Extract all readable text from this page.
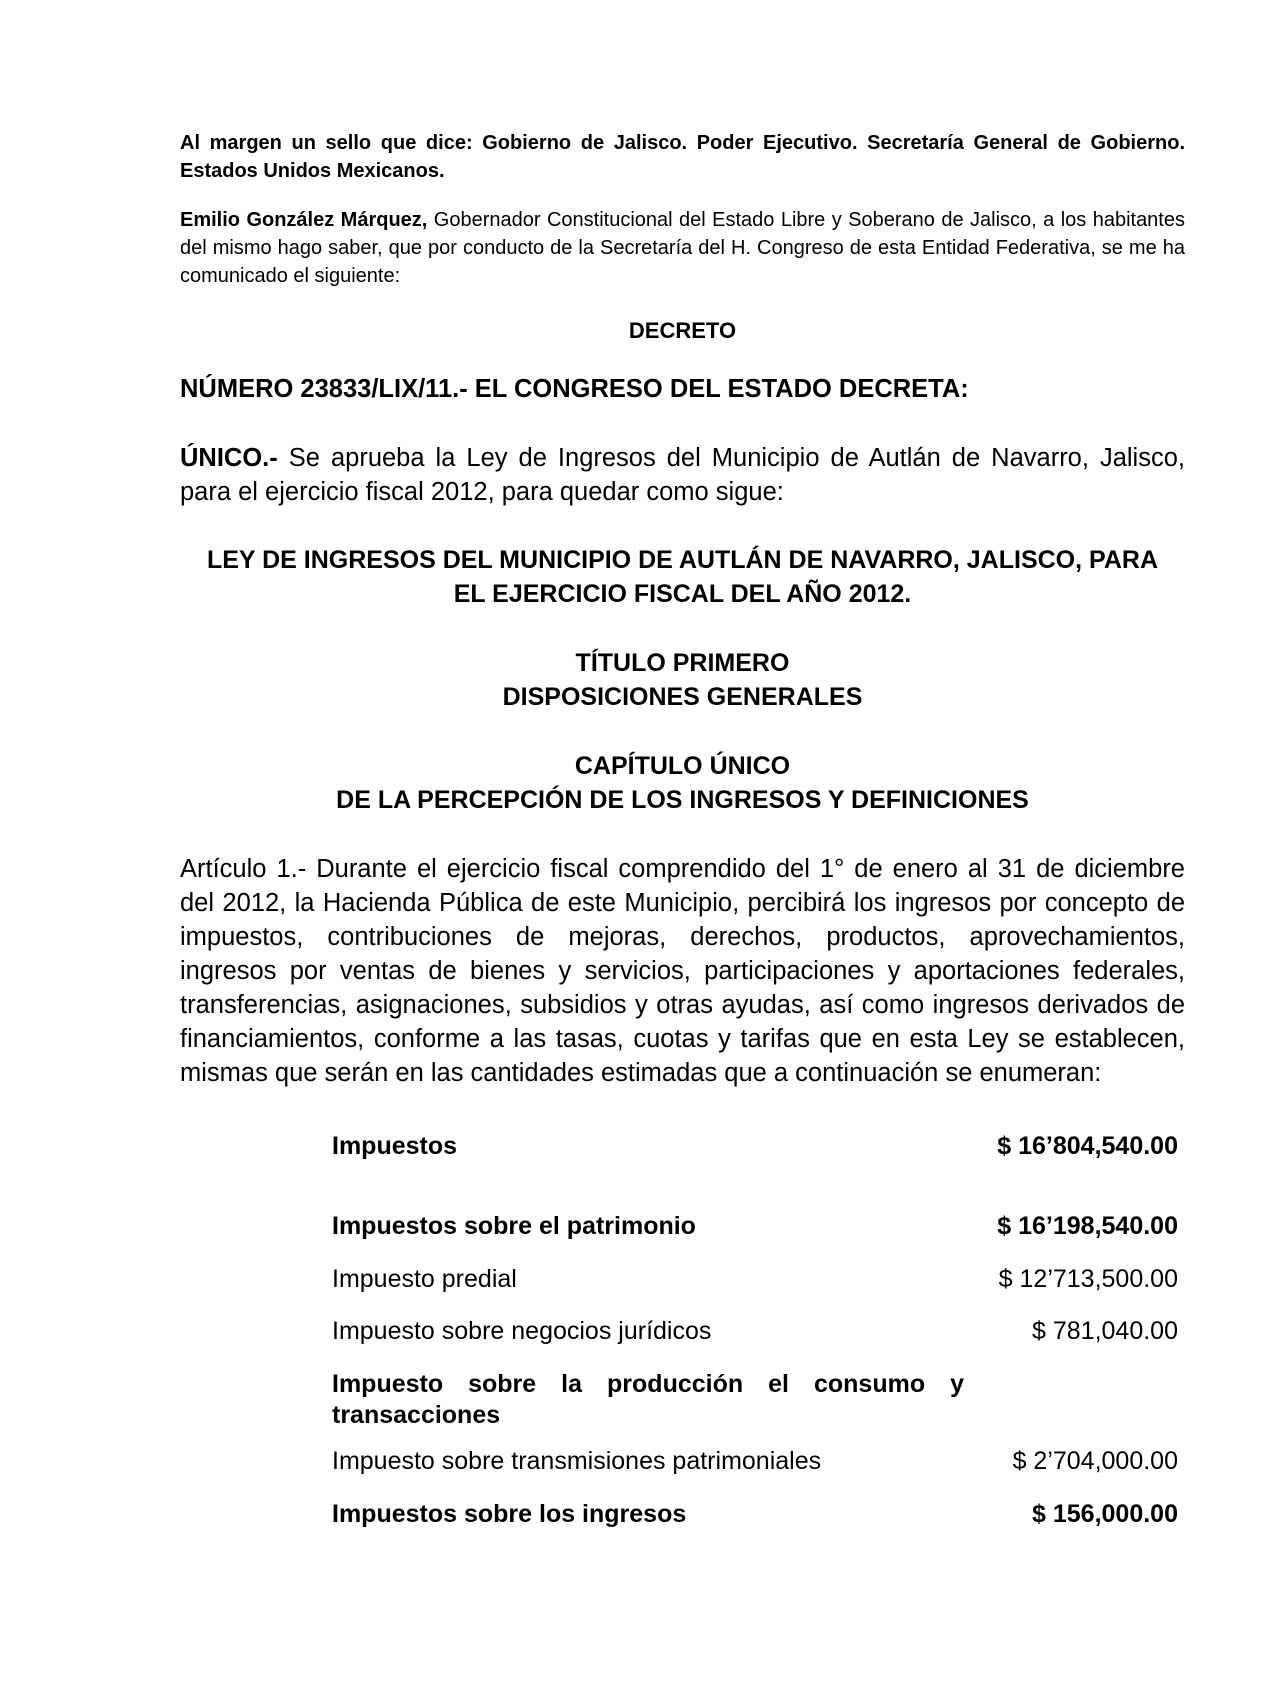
Al margen un sello que dice: Gobierno de Jalisco. Poder Ejecutivo. Secretaría General de Gobierno. Estados Unidos Mexicanos.
Emilio González Márquez, Gobernador Constitucional del Estado Libre y Soberano de Jalisco, a los habitantes del mismo hago saber, que por conducto de la Secretaría del H. Congreso de esta Entidad Federativa, se me ha comunicado el siguiente:
DECRETO
NÚMERO 23833/LIX/11.- EL CONGRESO DEL ESTADO DECRETA:
ÚNICO.- Se aprueba la Ley de Ingresos del Municipio de Autlán de Navarro, Jalisco, para el ejercicio fiscal 2012, para quedar como sigue:
LEY DE INGRESOS DEL MUNICIPIO DE AUTLÁN DE NAVARRO, JALISCO, PARA
EL EJERCICIO FISCAL DEL AÑO 2012.
TÍTULO PRIMERO
DISPOSICIONES GENERALES
CAPÍTULO ÚNICO
DE LA PERCEPCIÓN DE LOS INGRESOS Y DEFINICIONES
Artículo 1.- Durante el ejercicio fiscal comprendido del 1° de enero al 31 de diciembre del 2012, la Hacienda Pública de este Municipio, percibirá los ingresos por concepto de impuestos, contribuciones de mejoras, derechos, productos, aprovechamientos, ingresos por ventas de bienes y servicios, participaciones y aportaciones federales, transferencias, asignaciones, subsidios y otras ayudas, así como ingresos derivados de financiamientos, conforme a las tasas, cuotas y tarifas que en esta Ley se establecen, mismas que serán en las cantidades estimadas que a continuación se enumeran:
Impuestos	$ 16’804,540.00
Impuestos sobre el patrimonio	$ 16’198,540.00
Impuesto predial	$ 12’713,500.00
Impuesto sobre negocios jurídicos	$ 781,040.00
Impuesto sobre la producción el consumo y transacciones
Impuesto sobre transmisiones patrimoniales	$ 2’704,000.00
Impuestos sobre los ingresos	$ 156,000.00
